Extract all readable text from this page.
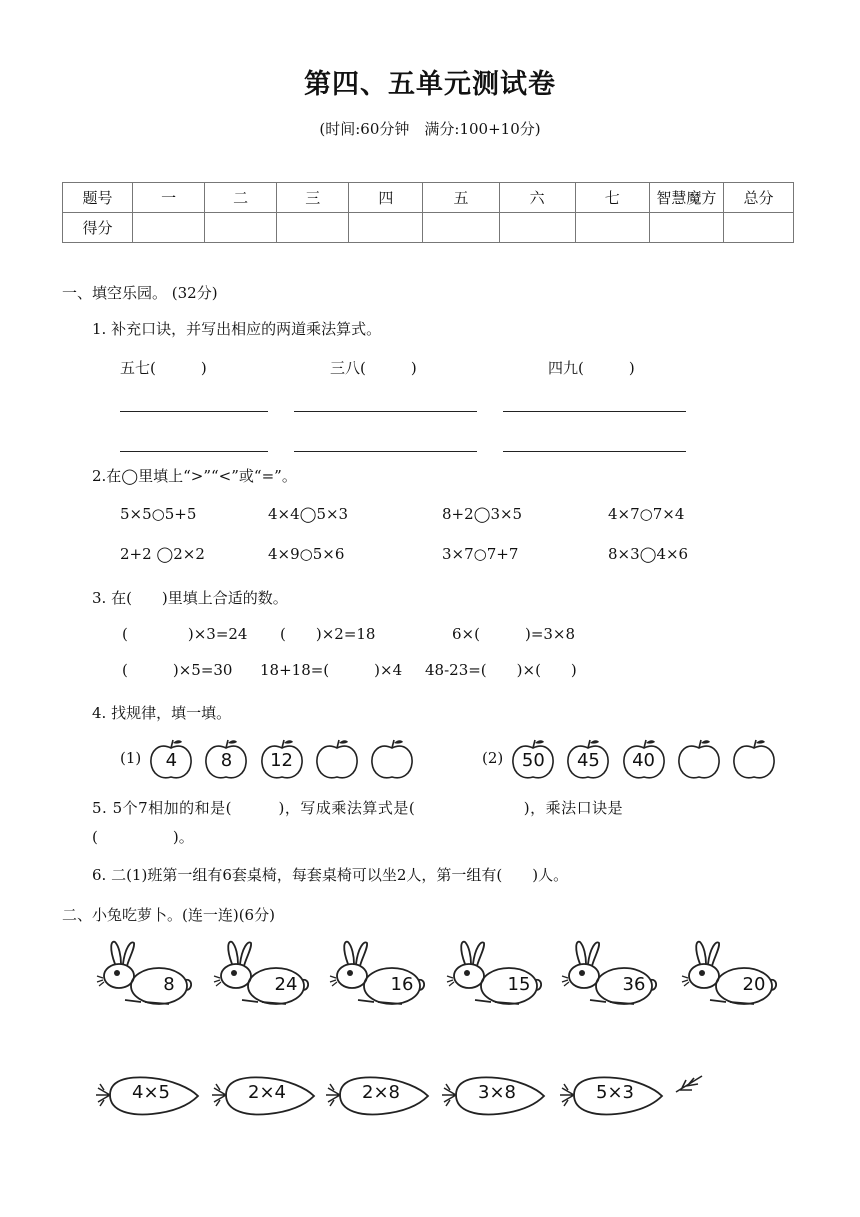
第四、五单元测试卷
(时间:60分钟　满分:100+10分)
题号	一	二	三	四	五	六	七	智慧魔方	总分
得分									
一、填空乐园。 (32分)
1. 补充口诀，并写出相应的两道乘法算式。
五七(　　　)	三八(　　　)	四九(　　　)
2.在◯里填上“>”“<”或“=”。
5×5○5+5	4×4◯5×3	8+2◯3×5	4×7○7×4
2+2 ◯2×2	4×9○5×6	3×7○7+7	8×3◯4×6
3. 在(　　)里填上合适的数。
(　　　　)×3=24 (　　)×2=18	6×(　　　)=3×8
(　　　)×5=30 18+18=(　　　)×4 48-23=(　　)×(　　)
4. 找规律，填一填。
(1)	4
	8
	12

	(2)	50
	45
	40

5. 5个7相加的和是(　　　)，写成乘法算式是(　　　　　　　)，乘法口诀是
(　　　　　)。
6. 二(1)班第一组有6套桌椅，每套桌椅可以坐2人，第一组有(　　)人。
二、小兔吃萝卜。(连一连)(6分)
8	24	16	15	36	20
4×5	2×4	2×8	3×8	5×3
